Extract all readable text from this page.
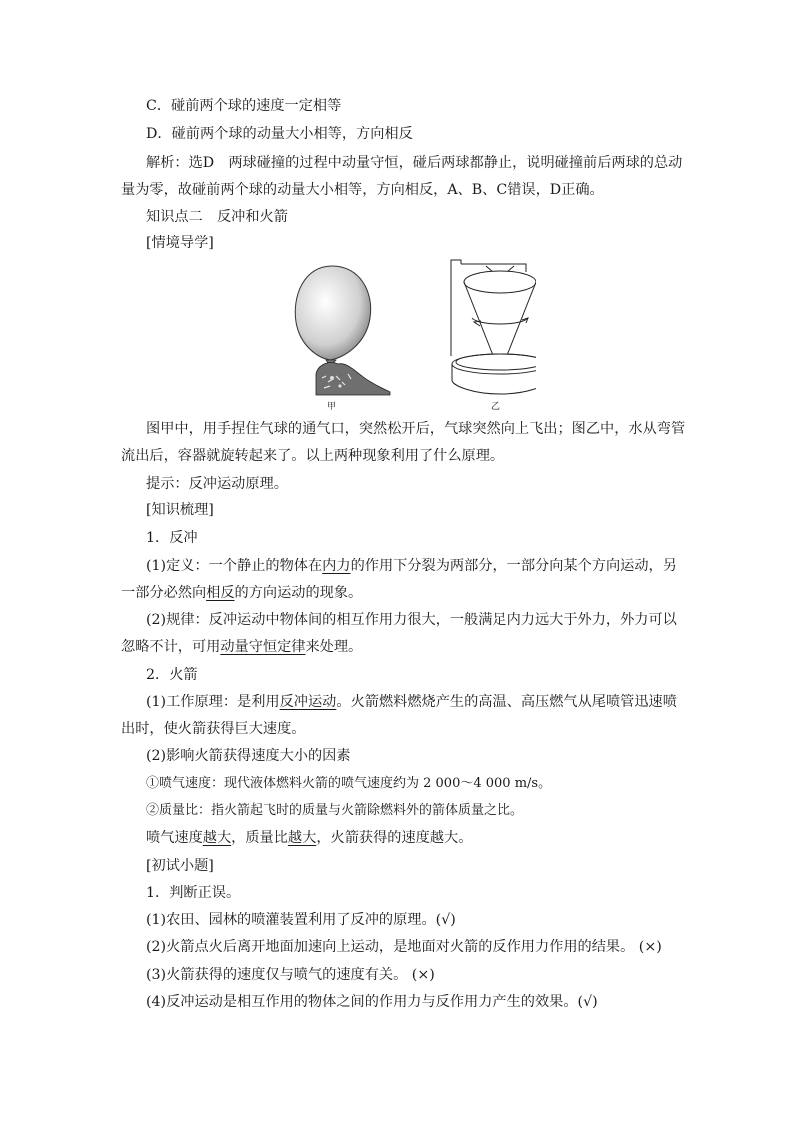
C．碰前两个球的速度一定相等
D．碰前两个球的动量大小相等，方向相反
解析：选D　两球碰撞的过程中动量守恒，碰后两球都静止，说明碰撞前后两球的总动
量为零，故碰前两个球的动量大小相等，方向相反，A、B、C错误，D正确。
知识点二　反冲和火箭
[情境导学]
甲	乙
图甲中，用手捏住气球的通气口，突然松开后，气球突然向上飞出；图乙中，水从弯管
流出后，容器就旋转起来了。以上两种现象利用了什么原理。
提示：反冲运动原理。
[知识梳理]
1．反冲
(1)定义：一个静止的物体在内力的作用下分裂为两部分，一部分向某个方向运动，另
一部分必然向相反的方向运动的现象。
(2)规律：反冲运动中物体间的相互作用力很大，一般满足内力远大于外力，外力可以
忽略不计，可用动量守恒定律来处理。
2．火箭
(1)工作原理：是利用反冲运动。火箭燃料燃烧产生的高温、高压燃气从尾喷管迅速喷
出时，使火箭获得巨大速度。
(2)影响火箭获得速度大小的因素
①喷气速度：现代液体燃料火箭的喷气速度约为 2 000～4 000 m/s。
②质量比：指火箭起飞时的质量与火箭除燃料外的箭体质量之比。
喷气速度越大，质量比越大，火箭获得的速度越大。
[初试小题]
1．判断正误。
(1)农田、园林的喷灌装置利用了反冲的原理。(√)
(2)火箭点火后离开地面加速向上运动，是地面对火箭的反作用力作用的结果。 (×)
(3)火箭获得的速度仅与喷气的速度有关。 (×)
(4)反冲运动是相互作用的物体之间的作用力与反作用力产生的效果。(√)
